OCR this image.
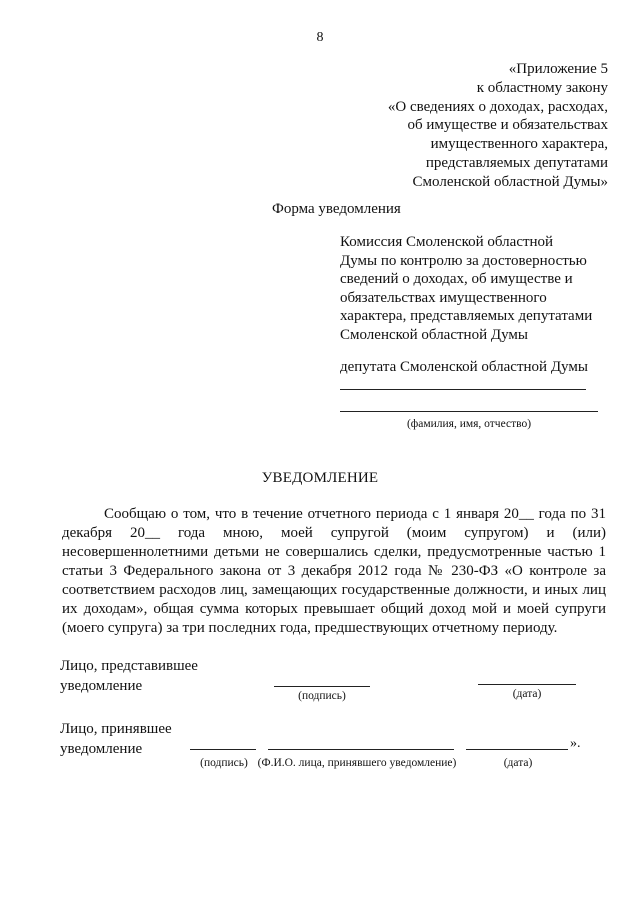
8
«Приложение 5
к областному закону
«О сведениях о доходах, расходах,
об имуществе и обязательствах
имущественного характера,
представляемых депутатами
Смоленской областной Думы»
Форма уведомления
Комиссия Смоленской областной
Думы по контролю за достоверностью
сведений о доходах, об имуществе и
обязательствах имущественного
характера, представляемых депутатами
Смоленской областной Думы
депутата Смоленской областной Думы
(фамилия, имя, отчество)
УВЕДОМЛЕНИЕ

Сообщаю о том, что в течение отчетного периода с 1 января 20__ года по 31 декабря 20__ года мною, моей супругой (моим супругом) и (или) несовершеннолетними детьми не совершались сделки, предусмотренные частью 1 статьи 3 Федерального закона от 3 декабря 2012 года № 230-ФЗ «О контроле за соответствием расходов лиц, замещающих государственные должности, и иных лиц их доходам», общая сумма которых превышает общий доход мой и моей супруги (моего супруга) за три последних года, предшествующих отчетному периоду.

Лицо, представившее
уведомление
(подпись)	(дата)
Лицо, принявшее
уведомление	».
(подпись) (Ф.И.О. лица, принявшего уведомление)	(дата)
